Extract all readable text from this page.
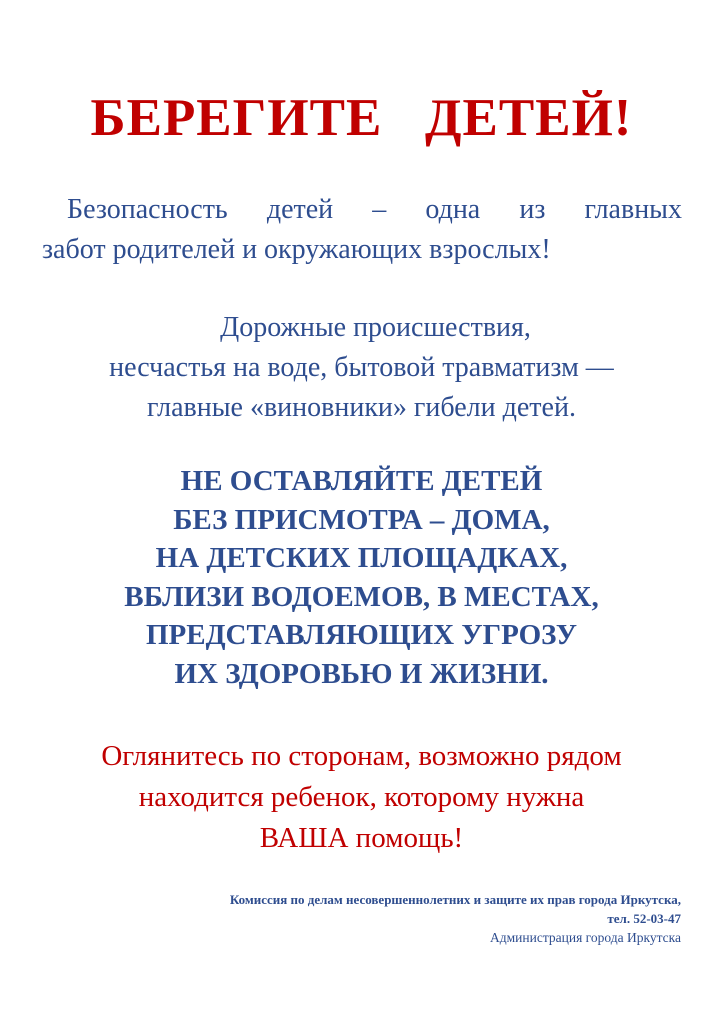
БЕРЕГИТЕ   ДЕТЕЙ!
Безопасность детей – одна из главных
забот родителей и окружающих взрослых!
Дорожные происшествия,
несчастья на воде, бытовой травматизм —
главные «виновники» гибели детей.
НЕ ОСТАВЛЯЙТЕ ДЕТЕЙ
БЕЗ ПРИСМОТРА – ДОМА,
НА ДЕТСКИХ ПЛОЩАДКАХ,
ВБЛИЗИ ВОДОЕМОВ, В МЕСТАХ,
ПРЕДСТАВЛЯЮЩИХ УГРОЗУ
ИХ ЗДОРОВЬЮ И ЖИЗНИ.
Оглянитесь по сторонам, возможно рядом
находится ребенок, которому нужна
ВАША помощь!
Комиссия по делам несовершеннолетних и защите их прав города Иркутска,
тел. 52-03-47
Администрация города Иркутска
